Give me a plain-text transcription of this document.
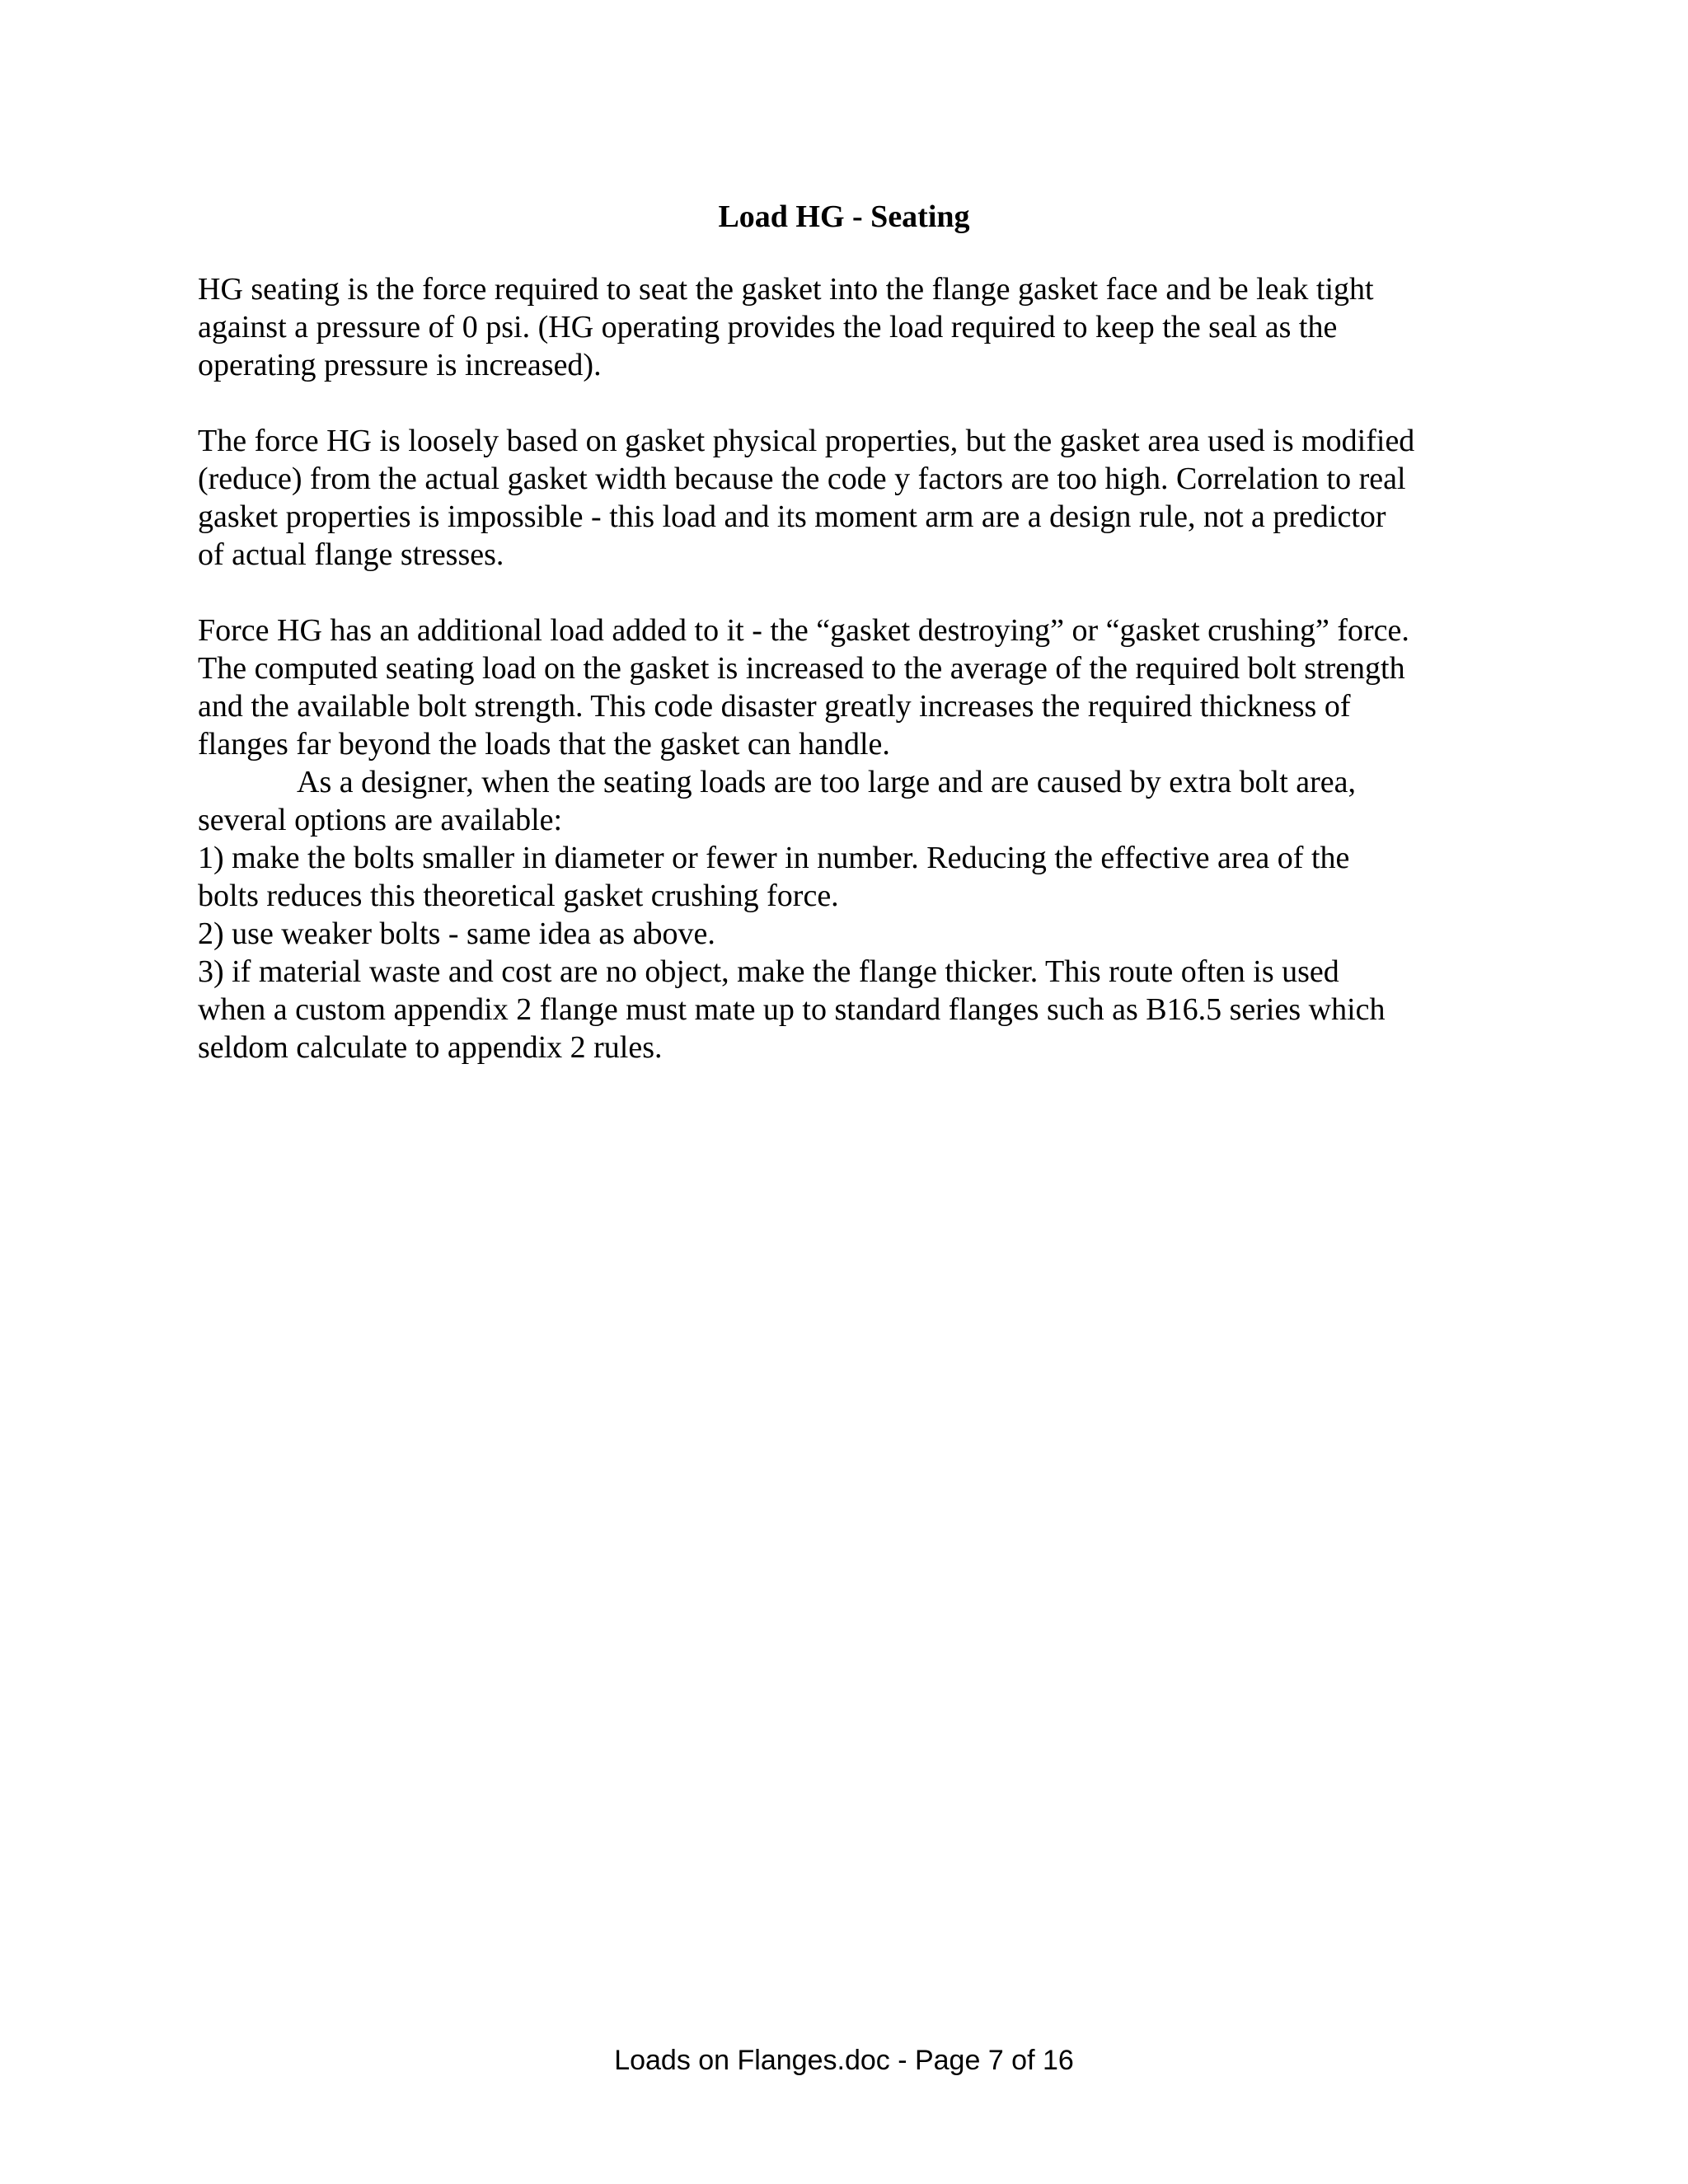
Load HG - Seating

HG seating is the force required to seat the gasket into the flange gasket face and be leak tight
against a pressure of 0 psi. (HG operating provides the load required to keep the seal as the
operating pressure is increased).

The force HG is loosely based on gasket physical properties, but the gasket area used is modified
(reduce) from the actual gasket width because the code y factors are too high. Correlation to real
gasket properties is impossible - this load and its moment arm are a design rule, not a predictor
of actual flange stresses.

Force HG has an additional load added to it - the “gasket destroying” or “gasket crushing” force.
The computed seating load on the gasket is increased to the average of the required bolt strength
and the available bolt strength. This code disaster greatly increases the required thickness of
flanges far beyond the loads that the gasket can handle.
As a designer, when the seating loads are too large and are caused by extra bolt area,
several options are available:
1) make the bolts smaller in diameter or fewer in number. Reducing the effective area of the
bolts reduces this theoretical gasket crushing force.
2) use weaker bolts - same idea as above.
3) if material waste and cost are no object, make the flange thicker. This route often is used
when a custom appendix 2 flange must mate up to standard flanges such as B16.5 series which
seldom calculate to appendix 2 rules.

Loads on Flanges.doc - Page 7 of 16
